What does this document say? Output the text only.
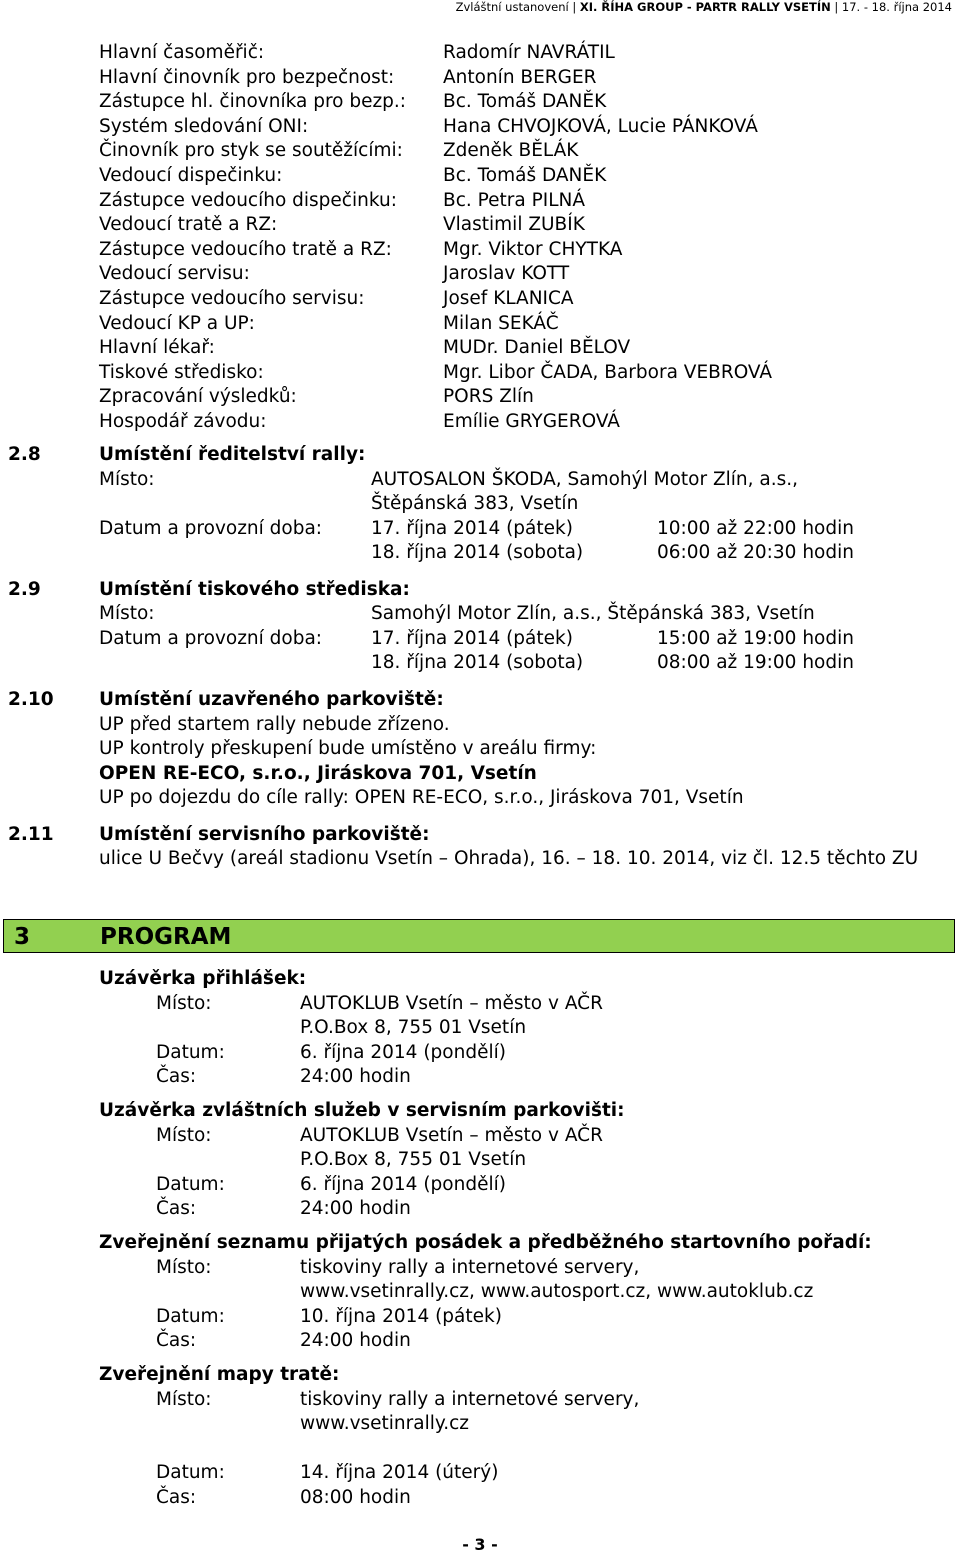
Zvláštní ustanovení | XI. ŘÍHA GROUP - PARTR RALLY VSETÍN | 17. - 18. října 2014
Hlavní časoměřič:	Radomír NAVRÁTIL
Hlavní činovník pro bezpečnost:	Antonín BERGER
Zástupce hl. činovníka pro bezp.: Bc. Tomáš DANĚK
Systém sledování ONI:	Hana CHVOJKOVÁ, Lucie PÁNKOVÁ
Činovník pro styk se soutěžícími: Zdeněk BĚLÁK
Vedoucí dispečinku:	Bc. Tomáš DANĚK
Zástupce vedoucího dispečinku: Bc. Petra PILNÁ
Vedoucí tratě a RZ:	Vlastimil ZUBÍK
Zástupce vedoucího tratě a RZ:	Mgr. Viktor CHYTKA
Vedoucí servisu:	Jaroslav KOTT
Zástupce vedoucího servisu:	Josef KLANICA
Vedoucí KP a UP:	Milan SEKÁČ
Hlavní lékař:	MUDr. Daniel BĚLOV
Tiskové středisko:	Mgr. Libor ČADA, Barbora VEBROVÁ
Zpracování výsledků:	PORS Zlín
Hospodář závodu:	Emílie GRYGEROVÁ
2.8	Umístění ředitelství rally:
Místo:	AUTOSALON ŠKODA, Samohýl Motor Zlín, a.s.,
Štěpánská 383, Vsetín
Datum a provozní doba:	17. října 2014 (pátek)	10:00 až 22:00 hodin
18. října 2014 (sobota)	06:00 až 20:30 hodin
2.9	Umístění tiskového střediska:
Místo:	Samohýl Motor Zlín, a.s., Štěpánská 383, Vsetín
Datum a provozní doba:	17. října 2014 (pátek)	15:00 až 19:00 hodin
18. října 2014 (sobota)	08:00 až 19:00 hodin
2.10 Umístění uzavřeného parkoviště:
UP před startem rally nebude zřízeno.
UP kontroly přeskupení bude umístěno v areálu firmy:
OPEN RE-ECO, s.r.o., Jiráskova 701, Vsetín
UP po dojezdu do cíle rally: OPEN RE-ECO, s.r.o., Jiráskova 701, Vsetín
2.11 Umístění servisního parkoviště:
ulice U Bečvy (areál stadionu Vsetín – Ohrada), 16. – 18. 10. 2014, viz čl. 12.5 těchto ZU
3	PROGRAM
Uzávěrka přihlášek:
Místo:	AUTOKLUB Vsetín – město v AČR
P.O.Box 8, 755 01 Vsetín
Datum:	6. října 2014 (pondělí)
Čas:	24:00 hodin
Uzávěrka zvláštních služeb v servisním parkovišti:
Místo:	AUTOKLUB Vsetín – město v AČR
P.O.Box 8, 755 01 Vsetín
Datum:	6. října 2014 (pondělí)
Čas:	24:00 hodin
Zveřejnění seznamu přijatých posádek a předběžného startovního pořadí:
Místo:	tiskoviny rally a internetové servery,
www.vsetinrally.cz, www.autosport.cz, www.autoklub.cz
Datum:	10. října 2014 (pátek)
Čas:	24:00 hodin
Zveřejnění mapy tratě:
Místo:	tiskoviny rally a internetové servery,
www.vsetinrally.cz
Datum:	14. října 2014 (úterý)
Čas:	08:00 hodin
- 3 -
